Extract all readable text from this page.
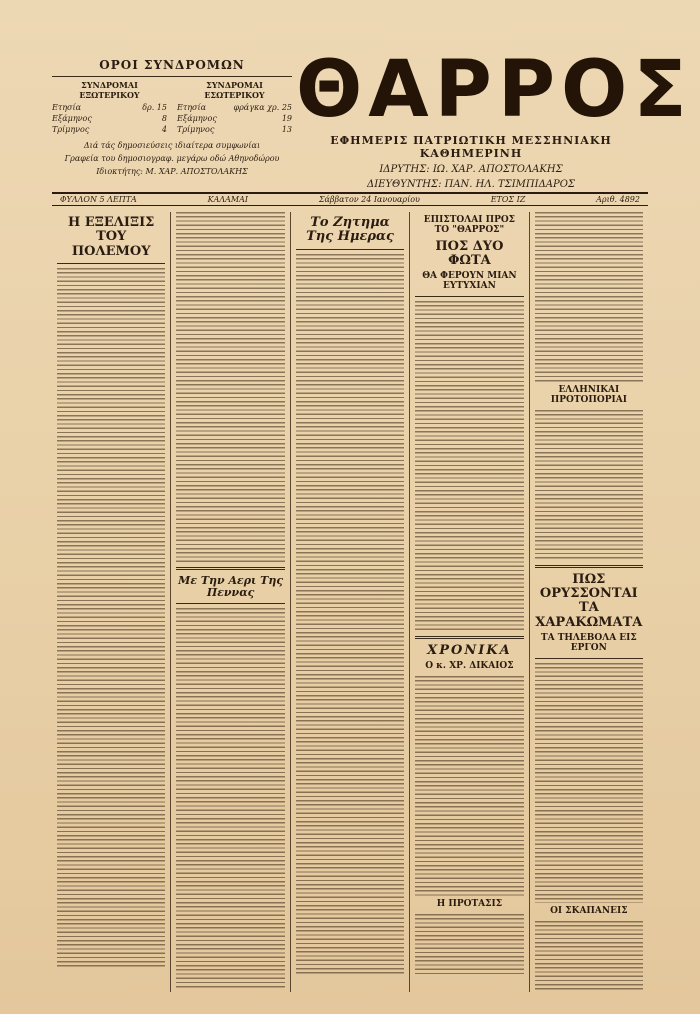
ΟΡΟΙ ΣΥΝΔΡΟΜΩΝ
ΣΥΝΔΡΟΜΑΙ ΕΞΩΤΕΡΙΚΟΥ
Ετησία	δρ. 15
Εξάμηνος	8
Τρίμηνος	4
ΣΥΝΔΡΟΜΑΙ ΕΣΩΤΕΡΙΚΟΥ
Ετησία	φράγκα χρ. 25
Εξάμηνος	19
Τρίμηνος	13
Διά τάς δημοσιεύσεις ιδιαίτερα συμφωνίαι
Γραφεία του δημοσιογραφ. μεγάρω οδώ Αθηνοδώρου
Ιδιοκτήτης: Μ. ΧΑΡ. ΑΠΟΣΤΟΛΑΚΗΣ
ΘΑΡΡΟΣ
ΕΦΗΜΕΡΙΣ ΠΑΤΡΙΩΤΙΚΗ ΜΕΣΣΗΝΙΑΚΗ ΚΑΘΗΜΕΡΙΝΗ
ΙΔΡΥΤΗΣ: ΙΩ. ΧΑΡ. ΑΠΟΣΤΟΛΑΚΗΣ
ΔΙΕΥΘΥΝΤΗΣ: ΠΑΝ. ΗΛ. ΤΣΙΜΠΙΔΑΡΟΣ
ΦΥΛΛΟΝ 5 ΛΕΠΤΑ	ΚΑΛΑΜΑΙ	Σάββατον 24 Ιανουαρίου	ΕΤΟΣ ΙΖ	Αριθ. 4892
Η ΕΞΕΛΙΞΙΣ ΤΟΥ ΠΟΛΕΜΟΥ
Με Την Αερι Της Πεννας
Το Ζητημα Της Ημερας
ΕΠΙΣΤΟΛΑΙ ΠΡΟΣ ΤΟ "ΘΑΡΡΟΣ"
ΠΟΣ ΔΥΟ ΦΩΤΑ
ΘΑ ΦΕΡΟΥΝ ΜΙΑΝ ΕΥΤΥΧΙΑΝ
ΧΡΟΝΙΚΑ
Ο κ. ΧΡ. ΔΙΚΑΙΟΣ
Η ΠΡΟΤΑΣΙΣ
ΕΛΛΗΝΙΚΑΙ ΠΡΟΤΟΠΟΡΙΑΙ
ΠΩΣ ΟΡΥΣΣΟΝΤΑΙ ΤΑ ΧΑΡΑΚΩΜΑΤΑ
ΤΑ ΤΗΛΕΒΟΛΑ ΕΙΣ ΕΡΓΟΝ
ΟΙ ΣΚΑΠΑΝΕΙΣ
